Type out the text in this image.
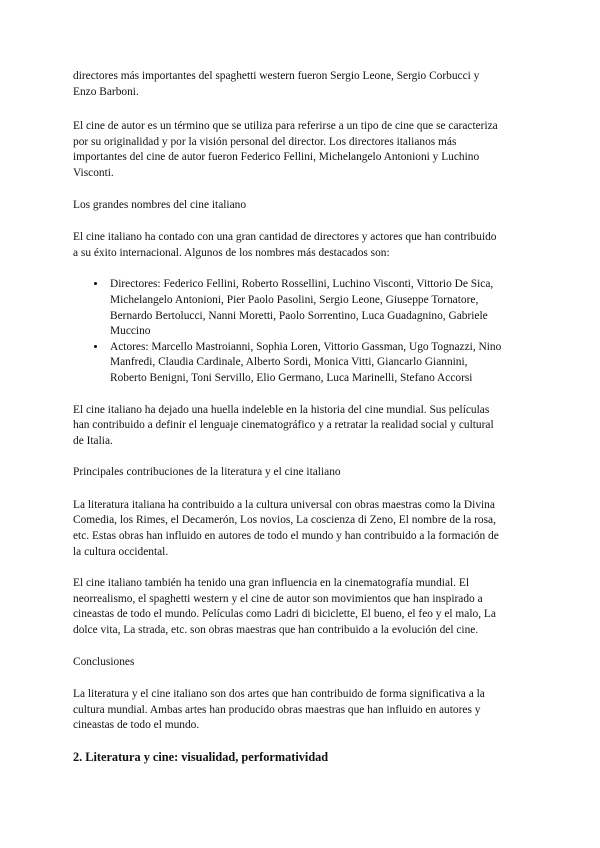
directores más importantes del spaghetti western fueron Sergio Leone, Sergio Corbucci y Enzo Barboni.

El cine de autor es un término que se utiliza para referirse a un tipo de cine que se caracteriza por su originalidad y por la visión personal del director. Los directores italianos más importantes del cine de autor fueron Federico Fellini, Michelangelo Antonioni y Luchino Visconti.

Los grandes nombres del cine italiano

El cine italiano ha contado con una gran cantidad de directores y actores que han contribuido a su éxito internacional. Algunos de los nombres más destacados son:

• Directores: Federico Fellini, Roberto Rossellini, Luchino Visconti, Vittorio De Sica, Michelangelo Antonioni, Pier Paolo Pasolini, Sergio Leone, Giuseppe Tornatore, Bernardo Bertolucci, Nanni Moretti, Paolo Sorrentino, Luca Guadagnino, Gabriele Muccino
• Actores: Marcello Mastroianni, Sophia Loren, Vittorio Gassman, Ugo Tognazzi, Nino Manfredi, Claudia Cardinale, Alberto Sordi, Monica Vitti, Giancarlo Giannini, Roberto Benigni, Toni Servillo, Elio Germano, Luca Marinelli, Stefano Accorsi

El cine italiano ha dejado una huella indeleble en la historia del cine mundial. Sus películas han contribuido a definir el lenguaje cinematográfico y a retratar la realidad social y cultural de Italia.

Principales contribuciones de la literatura y el cine italiano

La literatura italiana ha contribuido a la cultura universal con obras maestras como la Divina Comedia, los Rimes, el Decamerón, Los novios, La coscienza di Zeno, El nombre de la rosa, etc. Estas obras han influido en autores de todo el mundo y han contribuido a la formación de la cultura occidental.

El cine italiano también ha tenido una gran influencia en la cinematografía mundial. El neorrealismo, el spaghetti western y el cine de autor son movimientos que han inspirado a cineastas de todo el mundo. Películas como Ladri di biciclette, El bueno, el feo y el malo, La dolce vita, La strada, etc. son obras maestras que han contribuido a la evolución del cine.

Conclusiones

La literatura y el cine italiano son dos artes que han contribuido de forma significativa a la cultura mundial. Ambas artes han producido obras maestras que han influido en autores y cineastas de todo el mundo.

2. Literatura y cine: visualidad, performatividad
